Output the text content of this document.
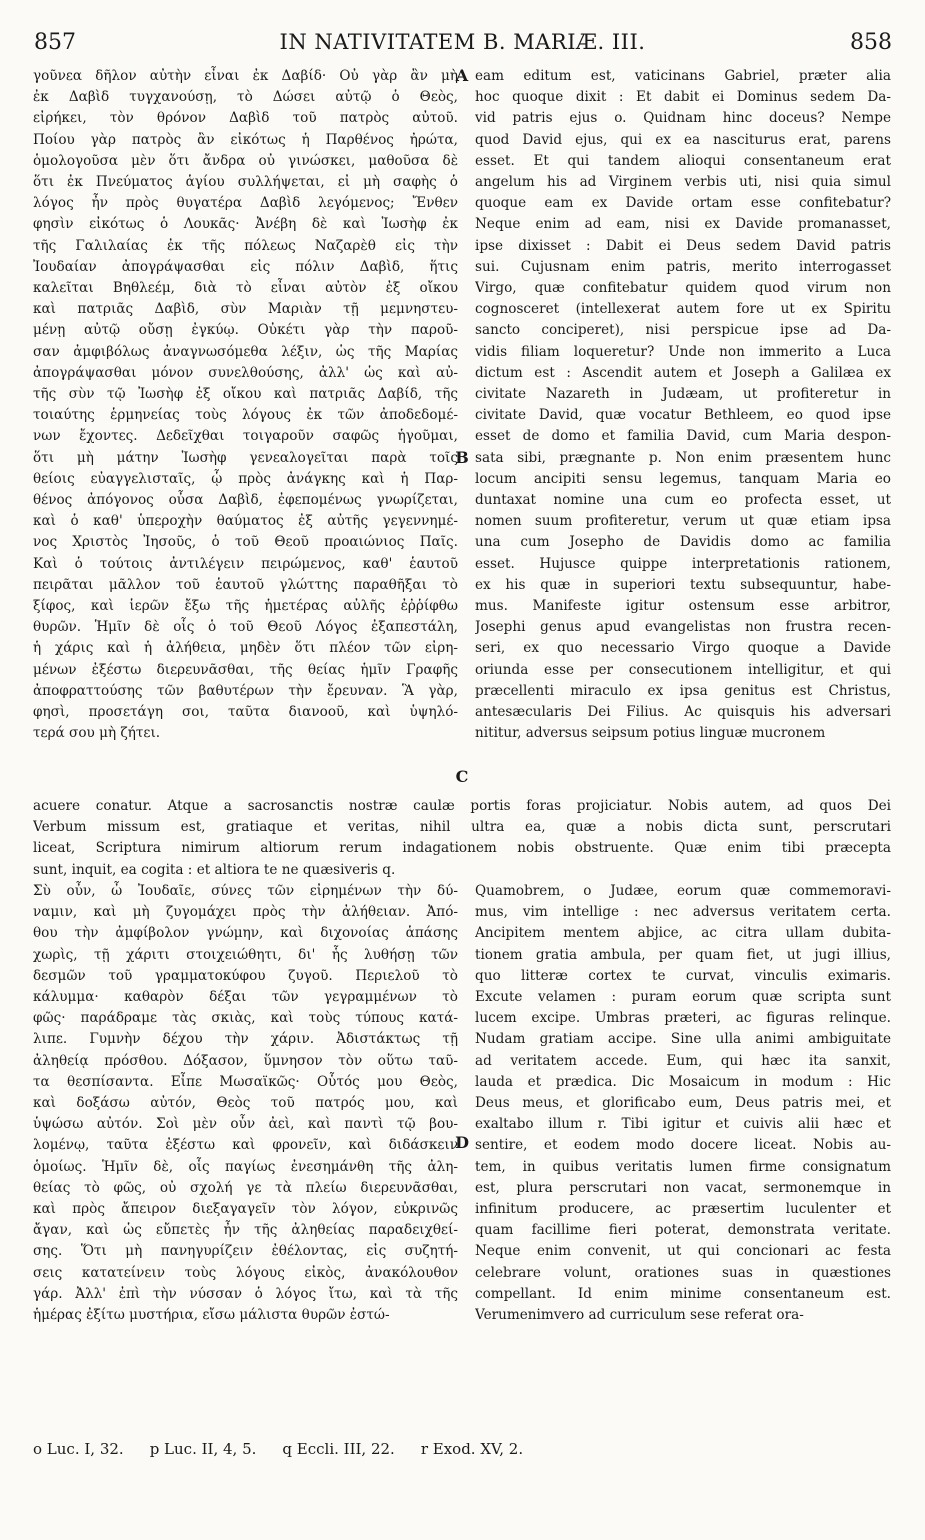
857	IN NATIVITATEM B. MARIÆ. III.	858
γοῦνεα δῆλον αὐτὴν εἶναι ἐκ Δαβίδ· Οὐ γὰρ ἂν μὴ
ἐκ Δαβὶδ τυγχανούσῃ, τὸ Δώσει αὐτῷ ὁ Θεὸς,
εἰρήκει, τὸν θρόνον Δαβὶδ τοῦ πατρὸς αὐτοῦ.
Ποίου γὰρ πατρὸς ἂν εἰκότως ἡ Παρθένος ἠρώτα,
ὁμολογοῦσα μὲν ὅτι ἄνδρα οὐ γινώσκει, μαθοῦσα δὲ
ὅτι ἐκ Πνεύματος ἁγίου συλλήψεται, εἰ μὴ σαφὴς ὁ
λόγος ἦν πρὸς θυγατέρα Δαβὶδ λεγόμενος; Ἔνθεν
φησὶν εἰκότως ὁ Λουκᾶς· Ἀνέβη δὲ καὶ Ἰωσὴφ ἐκ
τῆς Γαλιλαίας ἐκ τῆς πόλεως Ναζαρὲθ εἰς τὴν
Ἰουδαίαν ἀπογράψασθαι εἰς πόλιν Δαβὶδ, ἥτις
καλεῖται Βηθλεέμ, διὰ τὸ εἶναι αὐτὸν ἐξ οἴκου
καὶ πατριᾶς Δαβὶδ, σὺν Μαριὰν τῇ μεμνηστευ-
μένῃ αὐτῷ οὔσῃ ἐγκύῳ. Οὐκέτι γὰρ τὴν παροῦ-
σαν ἀμφιβόλως ἀναγνωσόμεθα λέξιν, ὡς τῆς Μαρίας
ἀπογράψασθαι μόνον συνελθούσης, ἀλλ' ὡς καὶ αὐ-
τῆς σὺν τῷ Ἰωσὴφ ἐξ οἴκου καὶ πατριᾶς Δαβίδ, τῆς
τοιαύτης ἑρμηνείας τοὺς λόγους ἐκ τῶν ἀποδεδομέ-
νων ἔχοντες. Δεδεῖχθαι τοιγαροῦν σαφῶς ἡγοῦμαι,
ὅτι μὴ μάτην Ἰωσὴφ γενεαλογεῖται παρὰ τοῖς
θείοις εὐαγγελισταῖς, ᾧ πρὸς ἀνάγκης καὶ ἡ Παρ-
θένος ἀπόγονος οὖσα Δαβὶδ, ἐφεπομένως γνωρίζεται,
καὶ ὁ καθ' ὑπεροχὴν θαύματος ἐξ αὐτῆς γεγεννημέ-
νος Χριστὸς Ἰησοῦς, ὁ τοῦ Θεοῦ προαιώνιος Παῖς.
Καὶ ὁ τούτοις ἀντιλέγειν πειρώμενος, καθ' ἑαυτοῦ
πειρᾶται μᾶλλον τοῦ ἑαυτοῦ γλώττης παραθῆξαι τὸ
ξίφος, καὶ ἱερῶν ἔξω τῆς ἡμετέρας αὐλῆς ἐῤῥίφθω
θυρῶν. Ἡμῖν δὲ οἷς ὁ τοῦ Θεοῦ Λόγος ἐξαπεστάλη,
ἡ χάρις καὶ ἡ ἀλήθεια, μηδὲν ὅτι πλέον τῶν εἰρη-
μένων ἐξέστω διερευνᾶσθαι, τῆς θείας ἡμῖν Γραφῆς
ἀποφραττούσης τῶν βαθυτέρων τὴν ἔρευναν. Ἃ γὰρ,
φησὶ, προσετάγη σοι, ταῦτα διανοοῦ, καὶ ὑψηλό-
τερά σου μὴ ζήτει.
eam editum est, vaticinans Gabriel, præter alia
hoc quoque dixit : Et dabit ei Dominus sedem Da-
vid patris ejus o. Quidnam hinc doceus? Nempe
quod David ejus, qui ex ea nasciturus erat, parens
esset. Et qui tandem alioqui consentaneum erat
angelum his ad Virginem verbis uti, nisi quia simul
quoque eam ex Davide ortam esse confitebatur?
Neque enim ad eam, nisi ex Davide promanasset,
ipse dixisset : Dabit ei Deus sedem David patris
sui. Cujusnam enim patris, merito interrogasset
Virgo, quæ confitebatur quidem quod virum non
cognosceret (intellexerat autem fore ut ex Spiritu
sancto conciperet), nisi perspicue ipse ad Da-
vidis filiam loqueretur? Unde non immerito a Luca
dictum est : Ascendit autem et Joseph a Galilæa ex
civitate Nazareth in Judæam, ut profiteretur in
civitate David, quæ vocatur Bethleem, eo quod ipse
esset de domo et familia David, cum Maria despon-
sata sibi, prægnante p. Non enim præsentem hunc
locum ancipiti sensu legemus, tanquam Maria eo
duntaxat nomine una cum eo profecta esset, ut
nomen suum profiteretur, verum ut quæ etiam ipsa
una cum Josepho de Davidis domo ac familia
esset. Hujusce quippe interpretationis rationem,
ex his quæ in superiori textu subsequuntur, habe-
mus. Manifeste igitur ostensum esse arbitror,
Josephi genus apud evangelistas non frustra recen-
seri, ex quo necessario Virgo quoque a Davide
oriunda esse per consecutionem intelligitur, et qui
præcellenti miraculo ex ipsa genitus est Christus,
antesæcularis Dei Filius. Ac quisquis his adversari
nititur, adversus seipsum potius linguæ mucronem
A
B
C
D
acuere conatur. Atque a sacrosanctis nostræ caulæ portis foras projiciatur. Nobis autem, ad quos Dei
Verbum missum est, gratiaque et veritas, nihil ultra ea, quæ a nobis dicta sunt, perscrutari
liceat, Scriptura nimirum altiorum rerum indagationem nobis obstruente. Quæ enim tibi præcepta
sunt, inquit, ea cogita : et altiora te ne quæsiveris q.
Σὺ οὖν, ὦ Ἰουδαῖε, σύνες τῶν εἰρημένων τὴν δύ-
ναμιν, καὶ μὴ ζυγομάχει πρὸς τὴν ἀλήθειαν. Ἀπό-
θου τὴν ἀμφίβολον γνώμην, καὶ διχονοίας ἁπάσης
χωρὶς, τῇ χάριτι στοιχειώθητι, δι' ἧς λυθήσῃ τῶν
δεσμῶν τοῦ γραμματοκύφου ζυγοῦ. Περιελοῦ τὸ
κάλυμμα· καθαρὸν δέξαι τῶν γεγραμμένων τὸ
φῶς· παράδραμε τὰς σκιὰς, καὶ τοὺς τύπους κατά-
λιπε. Γυμνὴν δέχου τὴν χάριν. Ἀδιστάκτως τῇ
ἀληθείᾳ πρόσθου. Δόξασον, ὕμνησον τὸν οὕτω ταῦ-
τα θεσπίσαντα. Εἶπε Μωσαϊκῶς· Οὗτός μου Θεὸς,
καὶ δοξάσω αὐτόν, Θεὸς τοῦ πατρός μου, καὶ
ὑψώσω αὐτόν. Σοὶ μὲν οὖν ἀεὶ, καὶ παντὶ τῷ βου-
λομένῳ, ταῦτα ἐξέστω καὶ φρονεῖν, καὶ διδάσκειν
ὁμοίως. Ἡμῖν δὲ, οἷς παγίως ἐνεσημάνθη τῆς ἀλη-
θείας τὸ φῶς, οὐ σχολή γε τὰ πλείω διερευνᾶσθαι,
καὶ πρὸς ἄπειρον διεξαγαγεῖν τὸν λόγον, εὐκρινῶς
ἄγαν, καὶ ὡς εὔπετὲς ἦν τῆς ἀληθείας παραδειχθεί-
σης. Ὅτι μὴ πανηγυρίζειν ἐθέλοντας, εἰς συζητή-
σεις κατατείνειν τοὺς λόγους εἰκὸς, ἀνακόλουθον
γάρ. Ἀλλ' ἐπὶ τὴν νύσσαν ὁ λόγος ἴτω, καὶ τὰ τῆς
ἡμέρας ἐξίτω μυστήρια, εἴσω μάλιστα θυρῶν ἐστώ-
Quamobrem, o Judæe, eorum quæ commemoravi-
mus, vim intellige : nec adversus veritatem certa.
Ancipitem mentem abjice, ac citra ullam dubita-
tionem gratia ambula, per quam fiet, ut jugi illius,
quo litteræ cortex te curvat, vinculis eximaris.
Excute velamen : puram eorum quæ scripta sunt
lucem excipe. Umbras præteri, ac figuras relinque.
Nudam gratiam accipe. Sine ulla animi ambiguitate
ad veritatem accede. Eum, qui hæc ita sanxit,
lauda et prædica. Dic Mosaicum in modum : Hic
Deus meus, et glorificabo eum, Deus patris mei, et
exaltabo illum r. Tibi igitur et cuivis alii hæc et
sentire, et eodem modo docere liceat. Nobis au-
tem, in quibus veritatis lumen firme consignatum
est, plura perscrutari non vacat, sermonemque in
infinitum producere, ac præsertim luculenter et
quam facillime fieri poterat, demonstrata veritate.
Neque enim convenit, ut qui concionari ac festa
celebrare volunt, orationes suas in quæstiones
compellant. Id enim minime consentaneum est.
Verumenimvero ad curriculum sese referat ora-
o Luc. I, 32. p Luc. II, 4, 5. q Eccli. III, 22. r Exod. XV, 2.
